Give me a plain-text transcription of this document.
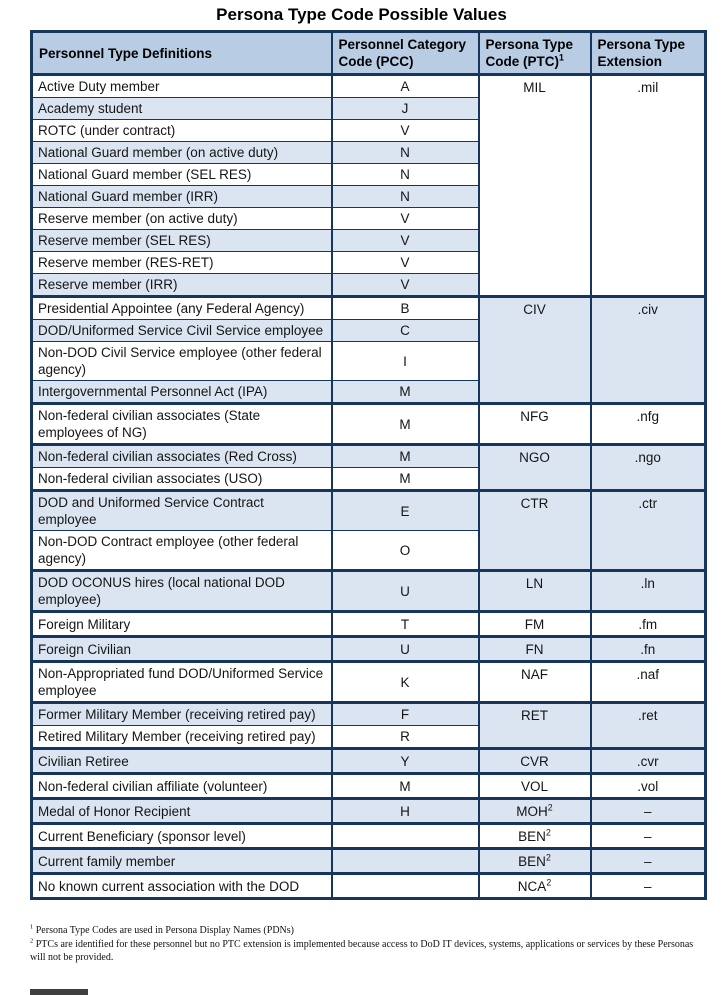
Persona Type Code Possible Values
Personnel Type Definitions	Personnel Category Code (PCC)	Persona Type Code (PTC)$^1$	Persona Type Extension
Active Duty member	A	MIL	.mil
Academy student	J		
ROTC (under contract)	V		
National Guard member (on active duty)	N		
National Guard member (SEL RES)	N		
National Guard member (IRR)	N		
Reserve member (on active duty)	V		
Reserve member (SEL RES)	V		
Reserve member (RES-RET)	V		
Reserve member (IRR)	V		
Presidential Appointee (any Federal Agency)	B	CIV	.civ
DOD/Uniformed Service Civil Service employee	C		
Non-DOD Civil Service employee (other federal agency)	I		
Intergovernmental Personnel Act (IPA)	M		
Non-federal civilian associates (State employees of NG)	M	NFG	.nfg
Non-federal civilian associates (Red Cross)	M	NGO	.ngo
Non-federal civilian associates (USO)	M		
DOD and Uniformed Service Contract employee	E	CTR	.ctr
Non-DOD Contract employee (other federal agency)	O		
DOD OCONUS hires (local national DOD employee)	U	LN	.ln
Foreign Military	T	FM	.fm
Foreign Civilian	U	FN	.fn
Non-Appropriated fund DOD/Uniformed Service employee	K	NAF	.naf
Former Military Member (receiving retired pay)	F	RET	.ret
Retired Military Member (receiving retired pay)	R		
Civilian Retiree	Y	CVR	.cvr
Non-federal civilian affiliate (volunteer)	M	VOL	.vol
Medal of Honor Recipient	H	MOH$^2$	–
Current Beneficiary (sponsor level)		BEN$^2$	–
Current family member		BEN$^2$	–
No known current association with the DOD		NCA$^2$	–

$^1$ Persona Type Codes are used in Persona Display Names (PDNs)

$^2$ PTCs are identified for these personnel but no PTC extension is implemented because access to DoD IT devices, systems, applications or services by these Personas will not be provided.
